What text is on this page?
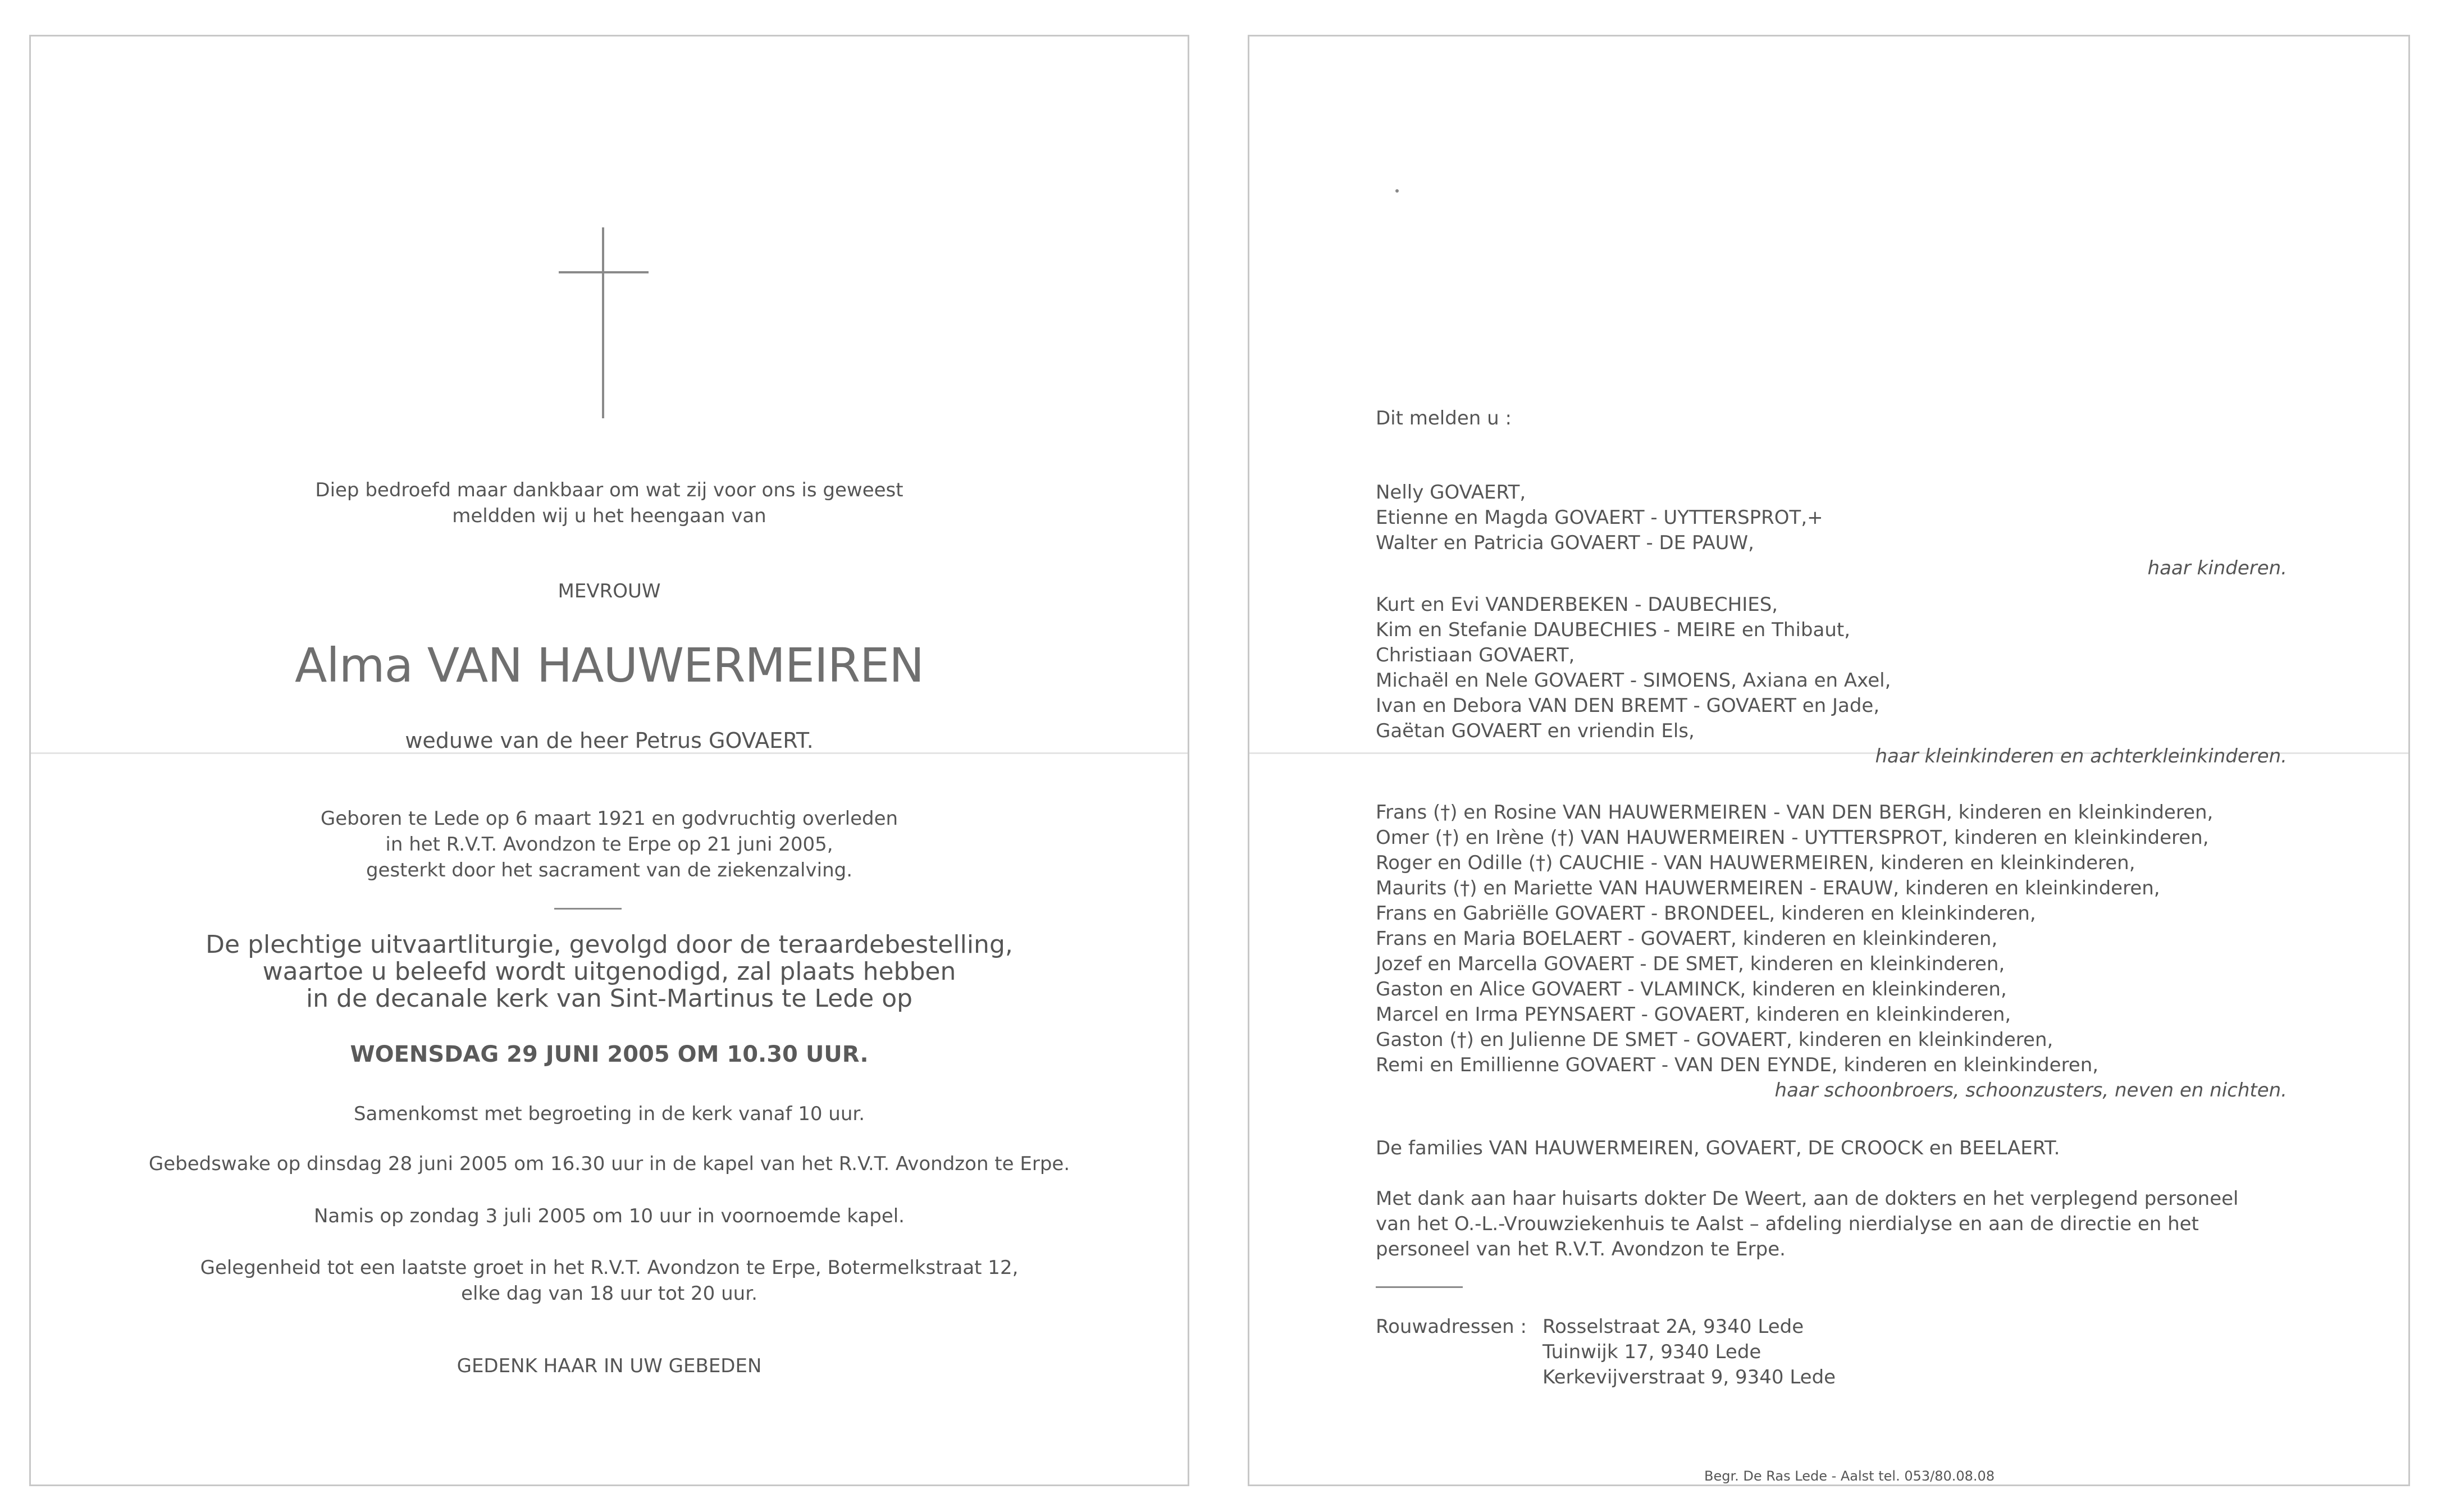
Diep bedroefd maar dankbaar om wat zij voor ons is geweest
meldden wij u het heengaan van
MEVROUW
Alma VAN HAUWERMEIREN
weduwe van de heer Petrus GOVAERT.
Geboren te Lede op 6 maart 1921 en godvruchtig overleden
in het R.V.T. Avondzon te Erpe op 21 juni 2005,
gesterkt door het sacrament van de ziekenzalving.
De plechtige uitvaartliturgie, gevolgd door de teraardebestelling,
waartoe u beleefd wordt uitgenodigd, zal plaats hebben
in de decanale kerk van Sint-Martinus te Lede op
WOENSDAG 29 JUNI 2005 OM 10.30 UUR.
Samenkomst met begroeting in de kerk vanaf 10 uur.
Gebedswake op dinsdag 28 juni 2005 om 16.30 uur in de kapel van het R.V.T. Avondzon te Erpe.
Namis op zondag 3 juli 2005 om 10 uur in voornoemde kapel.
Gelegenheid tot een laatste groet in het R.V.T. Avondzon te Erpe, Botermelkstraat 12,
elke dag van 18 uur tot 20 uur.
GEDENK HAAR IN UW GEBEDEN
Dit melden u :
Nelly GOVAERT,
Etienne en Magda GOVAERT - UYTTERSPROT,+
Walter en Patricia GOVAERT - DE PAUW,
haar kinderen.
Kurt en Evi VANDERBEKEN - DAUBECHIES,
Kim en Stefanie DAUBECHIES - MEIRE en Thibaut,
Christiaan GOVAERT,
Michaël en Nele GOVAERT - SIMOENS, Axiana en Axel,
Ivan en Debora VAN DEN BREMT - GOVAERT en Jade,
Gaëtan GOVAERT en vriendin Els,
haar kleinkinderen en achterkleinkinderen.
Frans (†) en Rosine VAN HAUWERMEIREN - VAN DEN BERGH, kinderen en kleinkinderen,
Omer (†) en Irène (†) VAN HAUWERMEIREN - UYTTERSPROT, kinderen en kleinkinderen,
Roger en Odille (†) CAUCHIE - VAN HAUWERMEIREN, kinderen en kleinkinderen,
Maurits (†) en Mariette VAN HAUWERMEIREN - ERAUW, kinderen en kleinkinderen,
Frans en Gabriëlle GOVAERT - BRONDEEL, kinderen en kleinkinderen,
Frans en Maria BOELAERT - GOVAERT, kinderen en kleinkinderen,
Jozef en Marcella GOVAERT - DE SMET, kinderen en kleinkinderen,
Gaston en Alice GOVAERT - VLAMINCK, kinderen en kleinkinderen,
Marcel en Irma PEYNSAERT - GOVAERT, kinderen en kleinkinderen,
Gaston (†) en Julienne DE SMET - GOVAERT, kinderen en kleinkinderen,
Remi en Emillienne GOVAERT - VAN DEN EYNDE, kinderen en kleinkinderen,
haar schoonbroers, schoonzusters, neven en nichten.
De families VAN HAUWERMEIREN, GOVAERT, DE CROOCK en BEELAERT.
Met dank aan haar huisarts dokter De Weert, aan de dokters en het verplegend personeel
van het O.-L.-Vrouwziekenhuis te Aalst – afdeling nierdialyse en aan de directie en het
personeel van het R.V.T. Avondzon te Erpe.
Rouwadressen : Rosselstraat 2A, 9340 Lede
Tuinwijk 17, 9340 Lede
Kerkevijverstraat 9, 9340 Lede
Begr. De Ras Lede - Aalst tel. 053/80.08.08
